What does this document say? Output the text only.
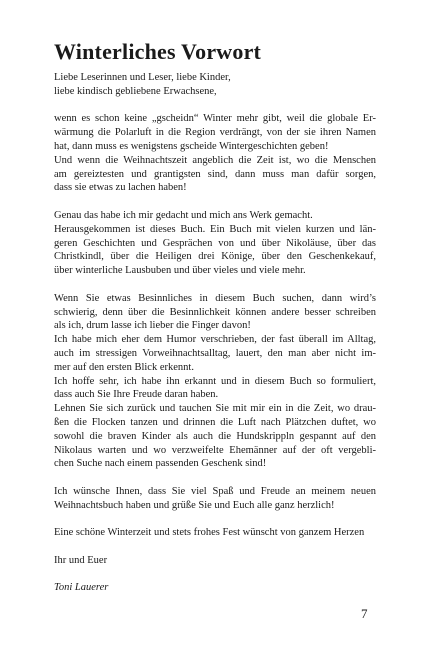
Winterliches Vorwort
Liebe Leserinnen und Leser, liebe Kinder,
liebe kindisch gebliebene Erwachsene,
wenn es schon keine „gscheidn“ Winter mehr gibt, weil die globale Er-
wärmung die Polarluft in die Region verdrängt, von der sie ihren Namen
hat, dann muss es wenigstens gscheide Wintergeschichten geben!
Und wenn die Weihnachtszeit angeblich die Zeit ist, wo die Menschen
am gereiztesten und grantigsten sind, dann muss man dafür sorgen,
dass sie etwas zu lachen haben!
Genau das habe ich mir gedacht und mich ans Werk gemacht.
Herausgekommen ist dieses Buch. Ein Buch mit vielen kurzen und län-
geren Geschichten und Gesprächen von und über Nikoläuse, über das
Christkindl, über die Heiligen drei Könige, über den Geschenkekauf,
über winterliche Lausbuben und über vieles und viele mehr.
Wenn Sie etwas Besinnliches in diesem Buch suchen, dann wird’s
schwierig, denn über die Besinnlichkeit können andere besser schreiben
als ich, drum lasse ich lieber die Finger davon!
Ich habe mich eher dem Humor verschrieben, der fast überall im Alltag,
auch im stressigen Vorweihnachtsalltag, lauert, den man aber nicht im-
mer auf den ersten Blick erkennt.
Ich hoffe sehr, ich habe ihn erkannt und in diesem Buch so formuliert,
dass auch Sie Ihre Freude daran haben.
Lehnen Sie sich zurück und tauchen Sie mit mir ein in die Zeit, wo drau-
ßen die Flocken tanzen und drinnen die Luft nach Plätzchen duftet, wo
sowohl die braven Kinder als auch die Hundskrippln gespannt auf den
Nikolaus warten und wo verzweifelte Ehemänner auf der oft vergebli-
chen Suche nach einem passenden Geschenk sind!
Ich wünsche Ihnen, dass Sie viel Spaß und Freude an meinem neuen
Weihnachtsbuch haben und grüße Sie und Euch alle ganz herzlich!
Eine schöne Winterzeit und stets frohes Fest wünscht von ganzem Herzen
Ihr und Euer
Toni Lauerer
7
